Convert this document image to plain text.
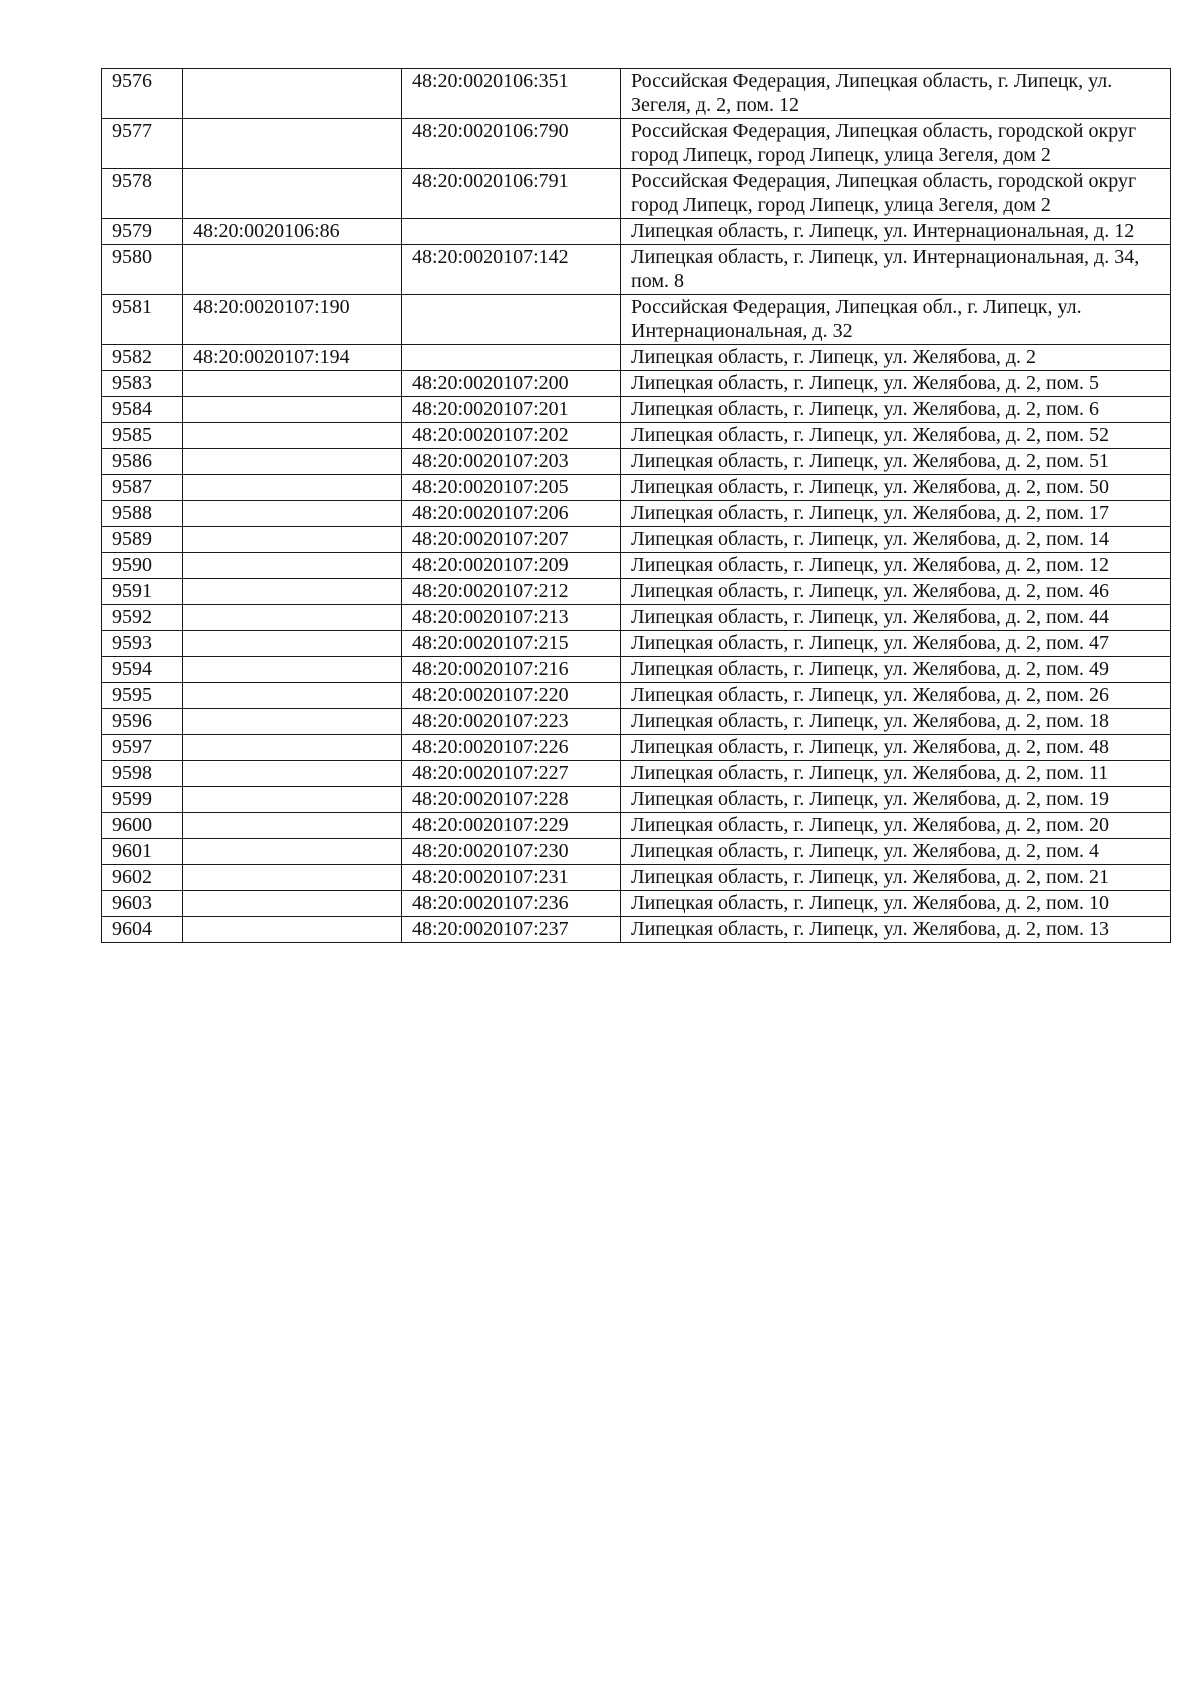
9576		48:20:0020106:351	Российская Федерация, Липецкая область, г. Липецк, ул. Зегеля, д. 2, пом. 12
9577		48:20:0020106:790	Российская Федерация, Липецкая область, городской округ город Липецк, город Липецк, улица Зегеля, дом 2
9578		48:20:0020106:791	Российская Федерация, Липецкая область, городской округ город Липецк, город Липецк, улица Зегеля, дом 2
9579	48:20:0020106:86		Липецкая область, г. Липецк, ул. Интернациональная, д. 12
9580		48:20:0020107:142	Липецкая область, г. Липецк, ул. Интернациональная, д. 34, пом. 8
9581	48:20:0020107:190		Российская Федерация, Липецкая обл., г. Липецк, ул. Интернациональная, д. 32
9582	48:20:0020107:194		Липецкая область, г. Липецк, ул. Желябова, д. 2
9583		48:20:0020107:200	Липецкая область, г. Липецк, ул. Желябова, д. 2, пом. 5
9584		48:20:0020107:201	Липецкая область, г. Липецк, ул. Желябова, д. 2, пом. 6
9585		48:20:0020107:202	Липецкая область, г. Липецк, ул. Желябова, д. 2, пом. 52
9586		48:20:0020107:203	Липецкая область, г. Липецк, ул. Желябова, д. 2, пом. 51
9587		48:20:0020107:205	Липецкая область, г. Липецк, ул. Желябова, д. 2, пом. 50
9588		48:20:0020107:206	Липецкая область, г. Липецк, ул. Желябова, д. 2, пом. 17
9589		48:20:0020107:207	Липецкая область, г. Липецк, ул. Желябова, д. 2, пом. 14
9590		48:20:0020107:209	Липецкая область, г. Липецк, ул. Желябова, д. 2, пом. 12
9591		48:20:0020107:212	Липецкая область, г. Липецк, ул. Желябова, д. 2, пом. 46
9592		48:20:0020107:213	Липецкая область, г. Липецк, ул. Желябова, д. 2, пом. 44
9593		48:20:0020107:215	Липецкая область, г. Липецк, ул. Желябова, д. 2, пом. 47
9594		48:20:0020107:216	Липецкая область, г. Липецк, ул. Желябова, д. 2, пом. 49
9595		48:20:0020107:220	Липецкая область, г. Липецк, ул. Желябова, д. 2, пом. 26
9596		48:20:0020107:223	Липецкая область, г. Липецк, ул. Желябова, д. 2, пом. 18
9597		48:20:0020107:226	Липецкая область, г. Липецк, ул. Желябова, д. 2, пом. 48
9598		48:20:0020107:227	Липецкая область, г. Липецк, ул. Желябова, д. 2, пом. 11
9599		48:20:0020107:228	Липецкая область, г. Липецк, ул. Желябова, д. 2, пом. 19
9600		48:20:0020107:229	Липецкая область, г. Липецк, ул. Желябова, д. 2, пом. 20
9601		48:20:0020107:230	Липецкая область, г. Липецк, ул. Желябова, д. 2, пом. 4
9602		48:20:0020107:231	Липецкая область, г. Липецк, ул. Желябова, д. 2, пом. 21
9603		48:20:0020107:236	Липецкая область, г. Липецк, ул. Желябова, д. 2, пом. 10
9604		48:20:0020107:237	Липецкая область, г. Липецк, ул. Желябова, д. 2, пом. 13
